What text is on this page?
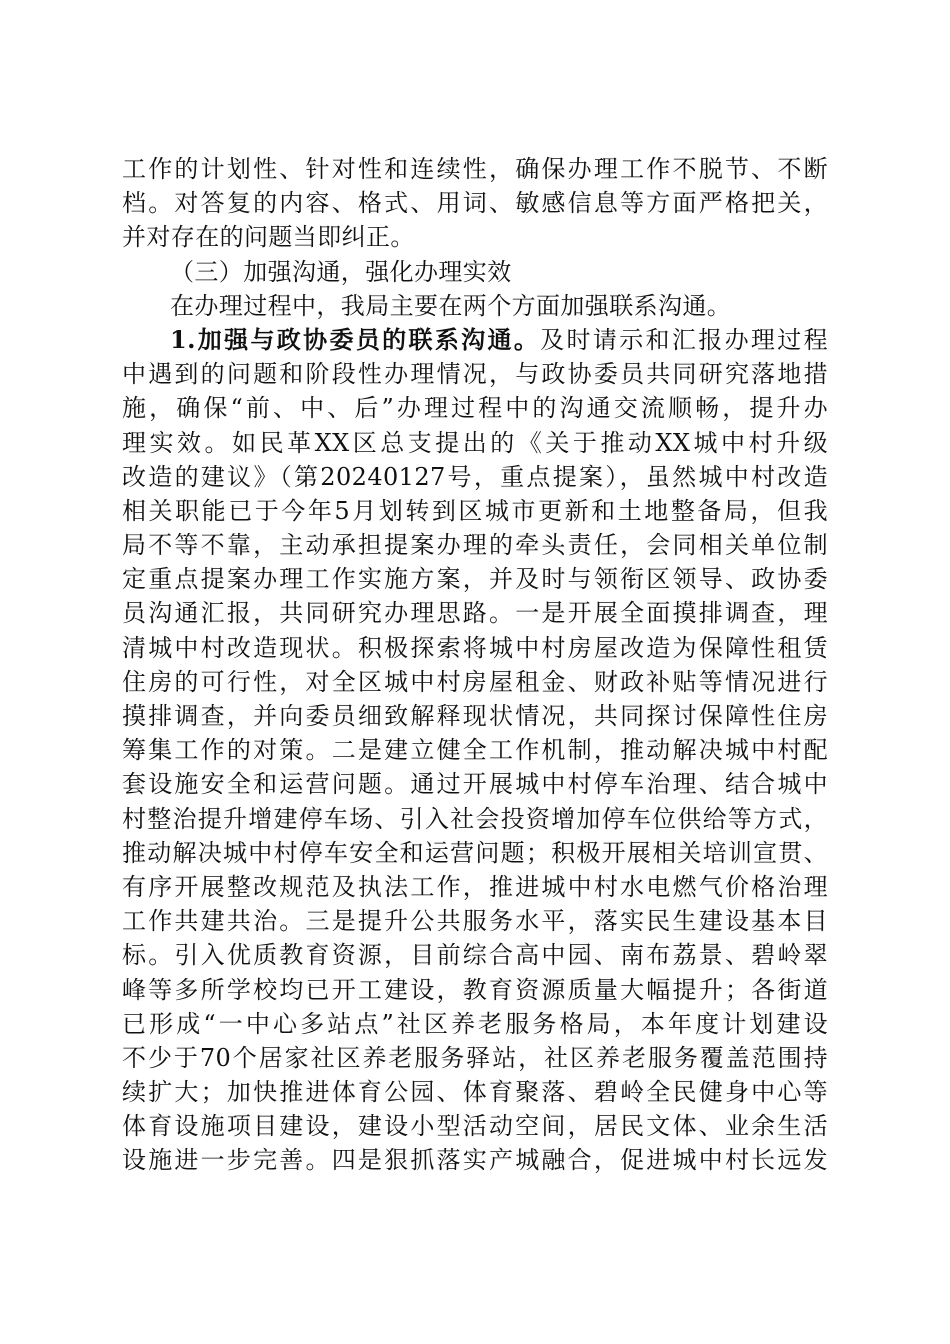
工作的计划性、针对性和连续性，确保办理工作不脱节、不断
档。对答复的内容、格式、用词、敏感信息等方面严格把关，
并对存在的问题当即纠正。
（三）加强沟通，强化办理实效
在办理过程中，我局主要在两个方面加强联系沟通。
1.加强与政协委员的联系沟通。及时请示和汇报办理过程
中遇到的问题和阶段性办理情况，与政协委员共同研究落地措
施，确保“前、中、后”办理过程中的沟通交流顺畅，提升办
理实效。如民革XX区总支提出的《关于推动XX城中村升级
改造的建议》（第20240127号，重点提案），虽然城中村改造
相关职能已于今年5月划转到区城市更新和土地整备局，但我
局不等不靠，主动承担提案办理的牵头责任，会同相关单位制
定重点提案办理工作实施方案，并及时与领衔区领导、政协委
员沟通汇报，共同研究办理思路。一是开展全面摸排调查，理
清城中村改造现状。积极探索将城中村房屋改造为保障性租赁
住房的可行性，对全区城中村房屋租金、财政补贴等情况进行
摸排调查，并向委员细致解释现状情况，共同探讨保障性住房
筹集工作的对策。二是建立健全工作机制，推动解决城中村配
套设施安全和运营问题。通过开展城中村停车治理、结合城中
村整治提升增建停车场、引入社会投资增加停车位供给等方式，
推动解决城中村停车安全和运营问题；积极开展相关培训宣贯、
有序开展整改规范及执法工作，推进城中村水电燃气价格治理
工作共建共治。三是提升公共服务水平，落实民生建设基本目
标。引入优质教育资源，目前综合高中园、南布荔景、碧岭翠
峰等多所学校均已开工建设，教育资源质量大幅提升；各街道
已形成“一中心多站点”社区养老服务格局，本年度计划建设
不少于70个居家社区养老服务驿站，社区养老服务覆盖范围持
续扩大；加快推进体育公园、体育聚落、碧岭全民健身中心等
体育设施项目建设，建设小型活动空间，居民文体、业余生活
设施进一步完善。四是狠抓落实产城融合，促进城中村长远发
